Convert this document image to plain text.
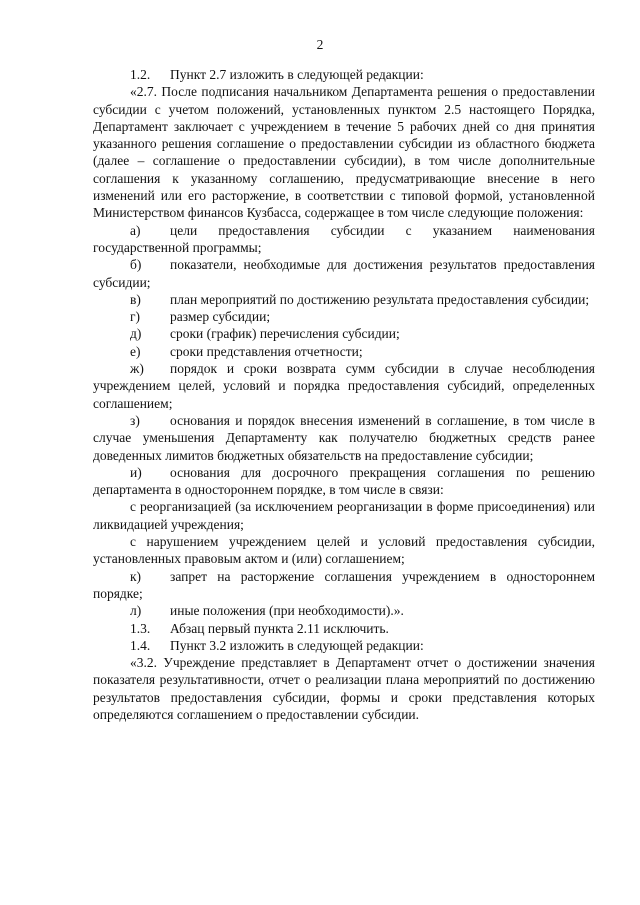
2

1.2. Пункт 2.7 изложить в следующей редакции:

«2.7. После подписания начальником Департамента решения о предоставлении субсидии с учетом положений, установленных пунктом 2.5 настоящего Порядка, Департамент заключает с учреждением в течение 5 рабочих дней со дня принятия указанного решения соглашение о предоставлении субсидии из областного бюджета (далее – соглашение о предоставлении субсидии), в том числе дополнительные соглашения к указанному соглашению, предусматривающие внесение в него изменений или его расторжение, в соответствии с типовой формой, установленной Министерством финансов Кузбасса, содержащее в том числе следующие положения:

а) цели предоставления субсидии с указанием наименования государственной программы;

б) показатели, необходимые для достижения результатов предоставления субсидии;

в) план мероприятий по достижению результата предоставления субсидии;

г) размер субсидии;

д) сроки (график) перечисления субсидии;

е) сроки представления отчетности;

ж) порядок и сроки возврата сумм субсидии в случае несоблюдения учреждением целей, условий и порядка предоставления субсидий, определенных соглашением;

з) основания и порядок внесения изменений в соглашение, в том числе в случае уменьшения Департаменту как получателю бюджетных средств ранее доведенных лимитов бюджетных обязательств на предоставление субсидии;

и) основания для досрочного прекращения соглашения по решению департамента в одностороннем порядке, в том числе в связи:

с реорганизацией (за исключением реорганизации в форме присоединения) или ликвидацией учреждения;

с нарушением учреждением целей и условий предоставления субсидии, установленных правовым актом и (или) соглашением;

к) запрет на расторжение соглашения учреждением в одностороннем порядке;

л) иные положения (при необходимости).».

1.3. Абзац первый пункта 2.11 исключить.

1.4. Пункт 3.2 изложить в следующей редакции:

«3.2. Учреждение представляет в Департамент отчет о достижении значения показателя результативности, отчет о реализации плана мероприятий по достижению результатов предоставления субсидии, формы и сроки представления которых определяются соглашением о предоставлении субсидии.
